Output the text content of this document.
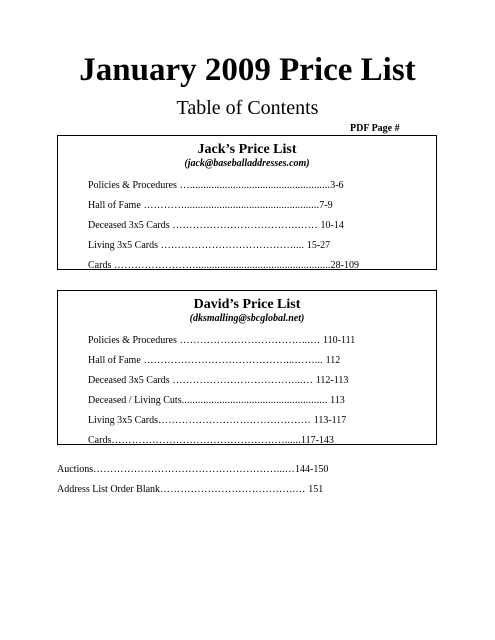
January 2009 Price List
Table of Contents
PDF Page #
Jack’s Price List
(jack@baseballaddresses.com)
Policies & Procedures …....................................................3-6
Hall of Fame …………..................................................7-9
Deceased 3x5 Cards ……………………………….…… 10-14
Living 3x5 Cards ………………………………….... 15-27
Cards ……………………..................................................28-109
David’s Price List
(dksmalling@sbcglobal.net)
Policies & Procedures ………………………………...… 110-111
Hall of Fame ……………………………………...……... 112
Deceased 3x5 Cards ………………………………...… 112-113
Deceased / Living Cuts...................................................... 113
Living 3x5 Cards……………………………………… 113-117
Cards……………………………………………......117-143
Auctions………………………………………………...…144-150
Address List Order Blank………………………………….… 151
